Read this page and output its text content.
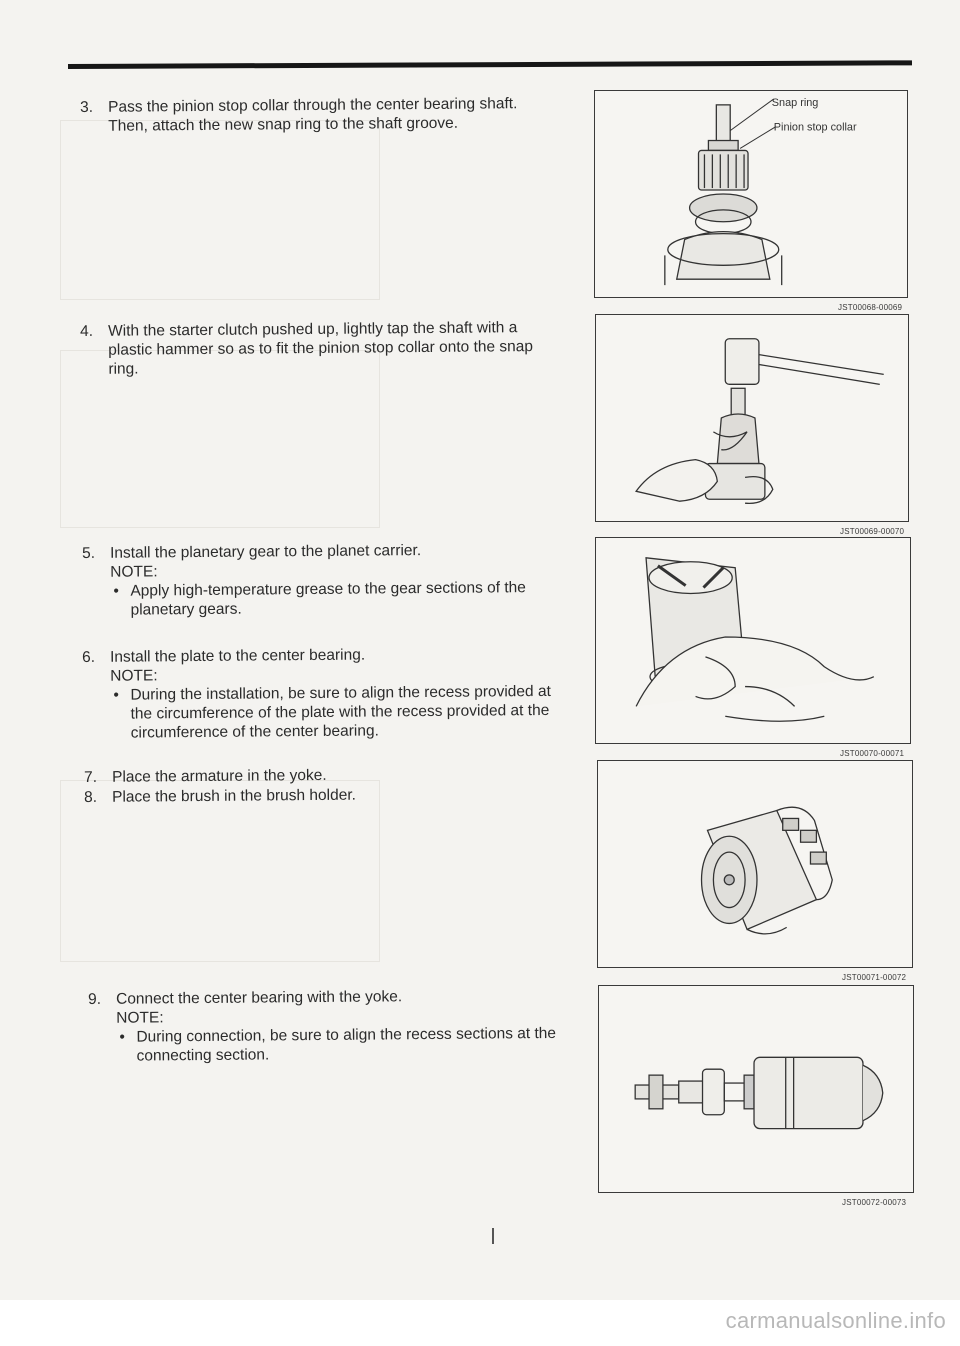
3. Pass the pinion stop collar through the center bearing shaft.

Then, attach the new snap ring to the shaft groove.

4. With the starter clutch pushed up, lightly tap the shaft with a plastic hammer so as to fit the pinion stop collar onto the snap ring.

5. Install the planetary gear to the planet carrier.

NOTE:

• Apply high-temperature grease to the gear sections of the planetary gears.
6. Install the plate to the center bearing.

NOTE:

• During the installation, be sure to align the recess provided at the circumference of the plate with the recess provided at the circumference of the center bearing.
7. Place the armature in the yoke.

8. Place the brush in the brush holder.

9. Connect the center bearing with the yoke.

NOTE:

• During connection, be sure to align the recess sections at the connecting section.
Snap ring
Pinion stop collar
JST00068-00069
JST00069-00070
JST00070-00071
JST00071-00072
JST00072-00073
carmanualsonline.info
